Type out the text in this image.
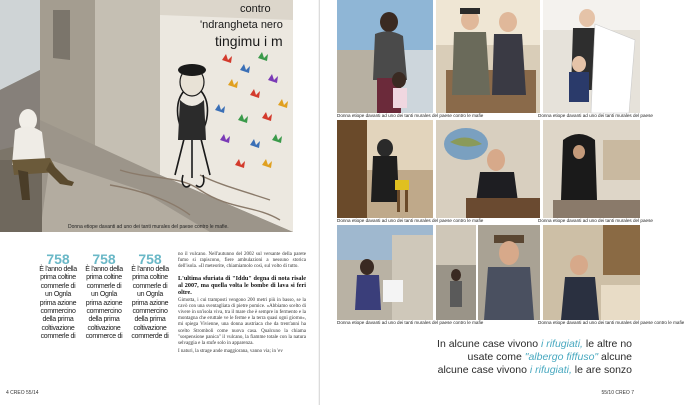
contro
'ndrangheta nero
tingimu i m
Donna etiope davanti ad uno dei tanti murales del paese contro le mafie.
758
È l'anno della prima coltine commerle di un Ognla prima azione commercino della prima coltivazione commerle di
758
È l'anno della prima coltine commerle di un Ognla prima azione commercino della prima coltivazione commerce di
758
È l'anno della prima coltine commerle di un Ognla prima azione commercino della prima coltivazione commerde di
no il vulcano. Nell'autunno del 2002 sul versante della parete fumo si rapiscono, fiere ambulazioni a nessuno storica dell'isola. «Il meteorite, chiamiamolo così, sul volto di tutto.
L'ultima sfuriata di "Iddu" degna di nota risale al 2007, ma quella volta le bombe di lava si feri oltre.
Gimotta, i cui tramposti vengono 200 metri più in basso, se la cavò con una sventagliata di pietre pomice. «Abbiamo scelto di vivere in un'isola viva, tra il mare che è sempre in fermento e la montagna che eruttale ve le ferme e la terra quasi ogni giorno», mi spiega Vivienne, una donna austriaca che da trent'anni ha scelto Stromboli come nuova casa. Qualcuno la chiama "sospensione panica" il vulcano, la fiamme totale con la natura selvaggia e la stufe solo in apparenza.
I naturi, la strage ande maggiorana, vanno via; in 'ev
4 CREO 55/14
Donna etiope davanti ad uno dei tanti murales del paese contro le mafie	Donna etiope davanti ad uno dei tanti murales del paese
Donna etiope davanti ad uno dei tanti murales del paese contro le mafie	Donna etiope davanti ad uno dei tanti murales del paese
Donna etiope davanti ad uno dei tanti murales del paese contro le mafie	Donna etiope davanti ad uno dei tanti murales del paese contro le mafie
In alcune case vivono i rifugiati, le altre no
usate come "albergo fiffuso" alcune
alcune case vivono i rifugiati, le are sonzo
55/10 CREO 7
